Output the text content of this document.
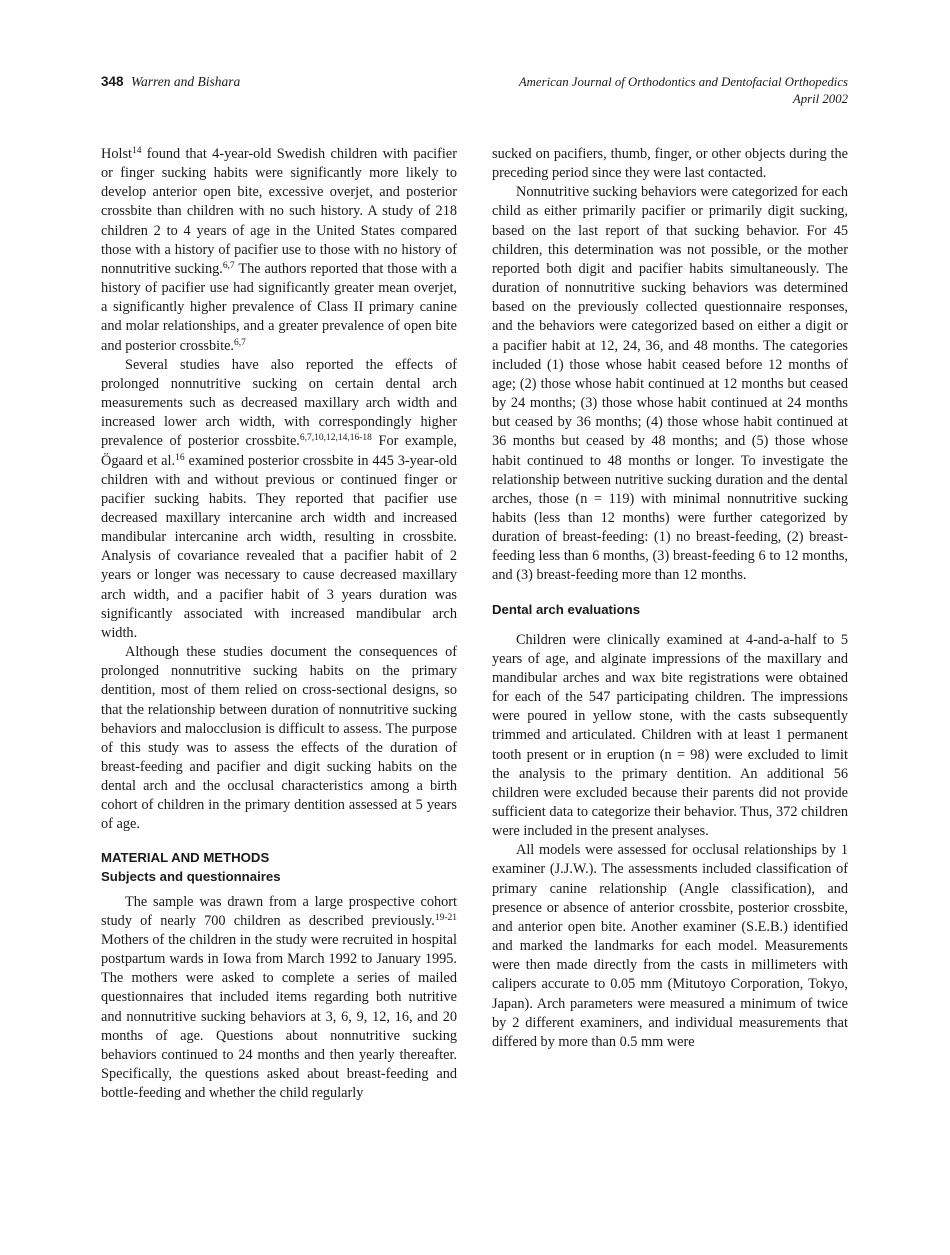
348 Warren and Bishara	American Journal of Orthodontics and Dentofacial Orthopedics
April 2002

Holst$^{14}$ found that 4-year-old Swedish children with pacifier or finger sucking habits were significantly more likely to develop anterior open bite, excessive overjet, and posterior crossbite than children with no such history. A study of 218 children 2 to 4 years of age in the United States compared those with a history of pacifier use to those with no history of nonnutritive sucking.$^{6,7}$ The authors reported that those with a history of pacifier use had significantly greater mean overjet, a significantly higher prevalence of Class II primary canine and molar relationships, and a greater prevalence of open bite and posterior crossbite.$^{6,7}$

Several studies have also reported the effects of prolonged nonnutritive sucking on certain dental arch measurements such as decreased maxillary arch width and increased lower arch width, with correspondingly higher prevalence of posterior crossbite.$^{6,7,10,12,14,16-18}$ For example, Ögaard et al.$^{16}$ examined posterior crossbite in 445 3-year-old children with and without previous or continued finger or pacifier sucking habits. They reported that pacifier use decreased maxillary intercanine arch width and increased mandibular intercanine arch width, resulting in crossbite. Analysis of covariance revealed that a pacifier habit of 2 years or longer was necessary to cause decreased maxillary arch width, and a pacifier habit of 3 years duration was significantly associated with increased mandibular arch width.

Although these studies document the consequences of prolonged nonnutritive sucking habits on the primary dentition, most of them relied on cross-sectional designs, so that the relationship between duration of nonnutritive sucking behaviors and malocclusion is difficult to assess. The purpose of this study was to assess the effects of the duration of breast-feeding and pacifier and digit sucking habits on the dental arch and the occlusal characteristics among a birth cohort of children in the primary dentition assessed at 5 years of age.

MATERIAL AND METHODS
Subjects and questionnaires

The sample was drawn from a large prospective cohort study of nearly 700 children as described previously.$^{19-21}$ Mothers of the children in the study were recruited in hospital postpartum wards in Iowa from March 1992 to January 1995. The mothers were asked to complete a series of mailed questionnaires that included items regarding both nutritive and nonnutritive sucking behaviors at 3, 6, 9, 12, 16, and 20 months of age. Questions about nonnutritive sucking behaviors continued to 24 months and then yearly thereafter. Specifically, the questions asked about breast-feeding and bottle-feeding and whether the child regularly

sucked on pacifiers, thumb, finger, or other objects during the preceding period since they were last contacted.

Nonnutritive sucking behaviors were categorized for each child as either primarily pacifier or primarily digit sucking, based on the last report of that sucking behavior. For 45 children, this determination was not possible, or the mother reported both digit and pacifier habits simultaneously. The duration of nonnutritive sucking behaviors was determined based on the previously collected questionnaire responses, and the behaviors were categorized based on either a digit or a pacifier habit at 12, 24, 36, and 48 months. The categories included (1) those whose habit ceased before 12 months of age; (2) those whose habit continued at 12 months but ceased by 24 months; (3) those whose habit continued at 24 months but ceased by 36 months; (4) those whose habit continued at 36 months but ceased by 48 months; and (5) those whose habit continued to 48 months or longer. To investigate the relationship between nutritive sucking duration and the dental arches, those (n = 119) with minimal nonnutritive sucking habits (less than 12 months) were further categorized by duration of breast-feeding: (1) no breast-feeding, (2) breast-feeding less than 6 months, (3) breast-feeding 6 to 12 months, and (3) breast-feeding more than 12 months.

Dental arch evaluations

Children were clinically examined at 4-and-a-half to 5 years of age, and alginate impressions of the maxillary and mandibular arches and wax bite registrations were obtained for each of the 547 participating children. The impressions were poured in yellow stone, with the casts subsequently trimmed and articulated. Children with at least 1 permanent tooth present or in eruption (n = 98) were excluded to limit the analysis to the primary dentition. An additional 56 children were excluded because their parents did not provide sufficient data to categorize their behavior. Thus, 372 children were included in the present analyses.

All models were assessed for occlusal relationships by 1 examiner (J.J.W.). The assessments included classification of primary canine relationship (Angle classification), and presence or absence of anterior crossbite, posterior crossbite, and anterior open bite. Another examiner (S.E.B.) identified and marked the landmarks for each model. Measurements were then made directly from the casts in millimeters with calipers accurate to 0.05 mm (Mitutoyo Corporation, Tokyo, Japan). Arch parameters were measured a minimum of twice by 2 different examiners, and individual measurements that differed by more than 0.5 mm were
